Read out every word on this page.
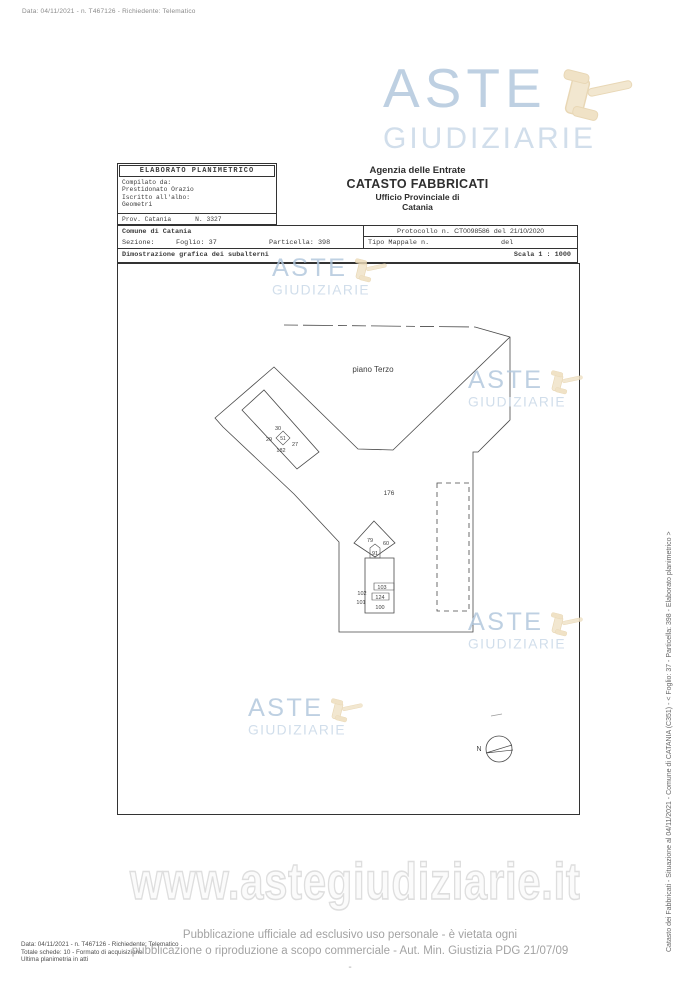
Data: 04/11/2021 - n. T467126 - Richiedente: Telematico
ASTE
GIUDIZIARIE
ELABORATO PLANIMETRICO
Compilato da:
Prestidonato Orazio
Iscritto all'albo:
Geometri
Prov. Catania	N. 3327
Agenzia delle Entrate
CATASTO FABBRICATI
Ufficio Provinciale di
Catania
Comune di Catania
Sezione:	Foglio: 37	Particella: 398
Protocollo n. CT0098586 del 21/10/2020
Tipo Mappale n.	del
Dimostrazione grafica dei subalterni	Scala 1 : 1000
piano Terzo
30
29 51
27
182
176
79 60
91
103
102
124
101
100
N
ASTE
GIUDIZIARIE
ASTE
GIUDIZIARIE
ASTE
GIUDIZIARIE
ASTE
GIUDIZIARIE
www.astegiudiziarie.it
Pubblicazione ufficiale ad esclusivo uso personale - è vietata ogni
pubblicazione o riproduzione a scopo commerciale - Aut. Min. Giustizia PDG 21/07/09
-
Data: 04/11/2021 - n. T467126 - Richiedente: Telematico
Totale schede: 10 - Formato di acquisizione
Ultima planimetria in atti
Catasto dei Fabbricati - Situazione al 04/11/2021 - Comune di CATANIA (C351) - < Foglio: 37 - Particella: 398 - Elaborato planimetrico >
